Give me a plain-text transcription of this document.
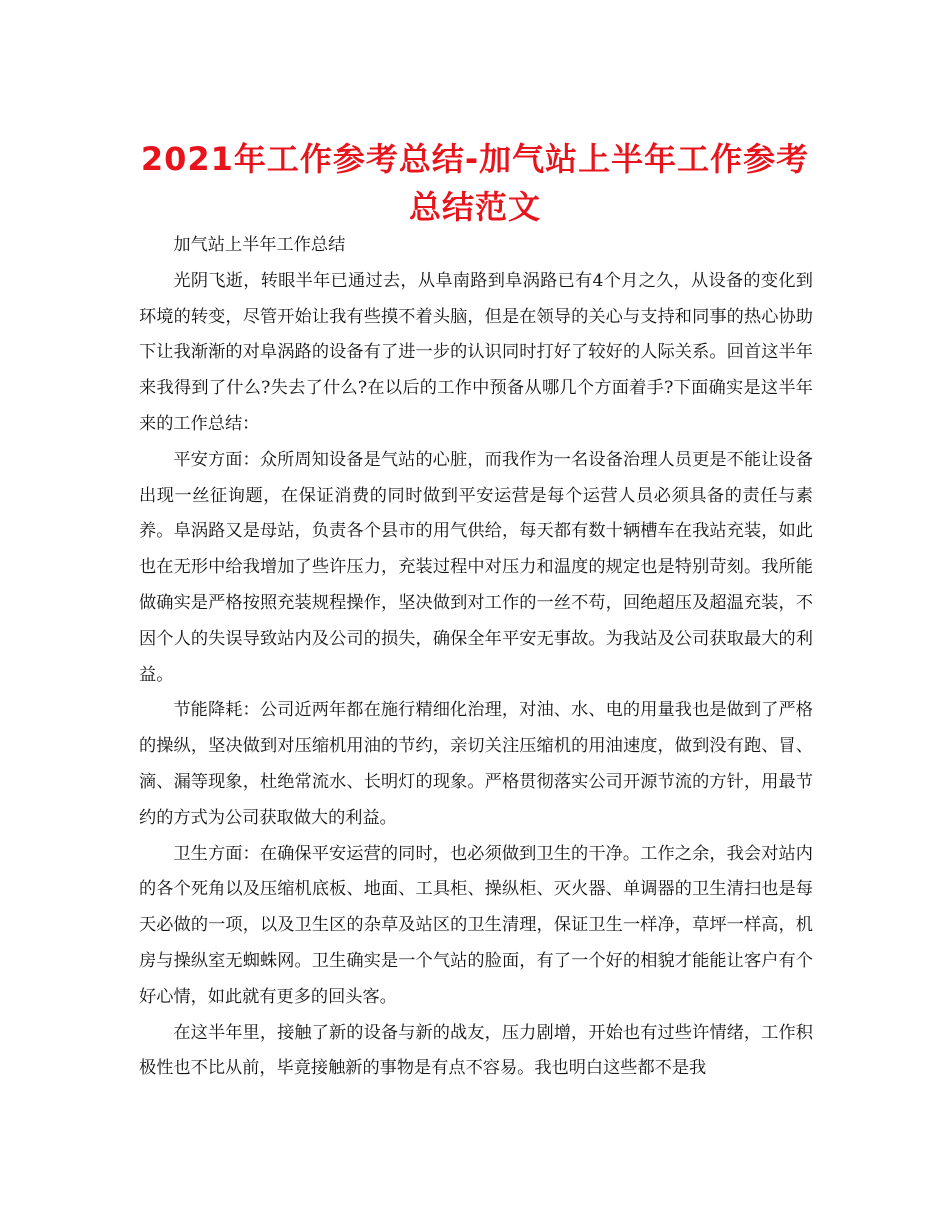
2021年工作参考总结-加气站上半年工作参考总结范文

加气站上半年工作总结

光阴飞逝，转眼半年已通过去，从阜南路到阜涡路已有4个月之久，从设备的变化到环境的转变，尽管开始让我有些摸不着头脑，但是在领导的关心与支持和同事的热心协助下让我渐渐的对阜涡路的设备有了进一步的认识同时打好了较好的人际关系。回首这半年来我得到了什么?失去了什么?在以后的工作中预备从哪几个方面着手?下面确实是这半年来的工作总结：

平安方面：众所周知设备是气站的心脏，而我作为一名设备治理人员更是不能让设备出现一丝征询题，在保证消费的同时做到平安运营是每个运营人员必须具备的责任与素养。阜涡路又是母站，负责各个县市的用气供给，每天都有数十辆槽车在我站充装，如此也在无形中给我增加了些许压力，充装过程中对压力和温度的规定也是特别苛刻。我所能做确实是严格按照充装规程操作，坚决做到对工作的一丝不苟，回绝超压及超温充装，不因个人的失误导致站内及公司的损失，确保全年平安无事故。为我站及公司获取最大的利益。

节能降耗：公司近两年都在施行精细化治理，对油、水、电的用量我也是做到了严格的操纵，坚决做到对压缩机用油的节约，亲切关注压缩机的用油速度，做到没有跑、冒、滴、漏等现象，杜绝常流水、长明灯的现象。严格贯彻落实公司开源节流的方针，用最节约的方式为公司获取做大的利益。

卫生方面：在确保平安运营的同时，也必须做到卫生的干净。工作之余，我会对站内的各个死角以及压缩机底板、地面、工具柜、操纵柜、灭火器、单调器的卫生清扫也是每天必做的一项，以及卫生区的杂草及站区的卫生清理，保证卫生一样净，草坪一样高，机房与操纵室无蜘蛛网。卫生确实是一个气站的脸面，有了一个好的相貌才能能让客户有个好心情，如此就有更多的回头客。

在这半年里，接触了新的设备与新的战友，压力剧增，开始也有过些许情绪，工作积极性也不比从前，毕竟接触新的事物是有点不容易。我也明白这些都不是我
